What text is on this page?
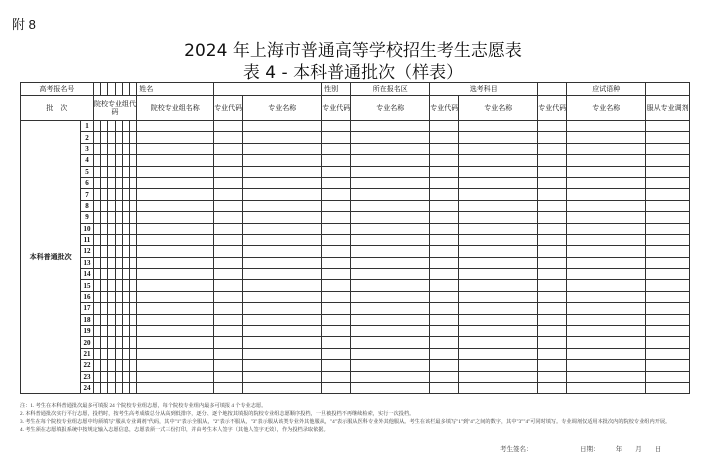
附 8
2024 年上海市普通高等学校招生考生志愿表
表 4 - 本科普通批次（样表）
高考报名号								姓名			性别	所在报名区	选考科目			应试语种	
批　次		院校专业组代码						院校专业组名称	专业代码	专业名称	专业代码	专业名称	专业代码	专业名称	专业代码	专业名称	服从专业调剂
本科普通批次	1																
	2																
	3																
	4																
	5																
	6																
	7																
	8																
	9																
	10																
	11																
	12																
	13																
	14																
	15																
	16																
	17																
	18																
	19																
	20																
	21																
	22																
	23																
	24																
注：1. 考生在本科普通批次最多可填报 24 个院校专业组志愿，每个院校专业组内最多可填报 4 个专业志愿。
2. 本科普通批次实行平行志愿，投档时，按考生高考成绩总分从高到低排序，逐分、逐个地按其填报的院校专业组志愿顺序投档，一旦被投档不再继续检索，实行一次投档。
3. 考生在每个院校专业组志愿中均须填写"服从专业调剂"代码，其中"1"表示全服从，"2"表示不服从，"3"表示服从该类专业外其他服从，"4"表示服从医科专业外其他服从。考生在该栏最多填写"1"到"4"之间的数字，其中"3""4"可同时填写。专业调剂仅适用本批次内的院校专业组内开展。
4. 考生须在志愿填报系统中按规定输入志愿信息，志愿表须一式三份打印，并由考生本人签字（其他人签字无效），作为投档录取依据。
考生签名：	日期：　　　年　　月　　日
